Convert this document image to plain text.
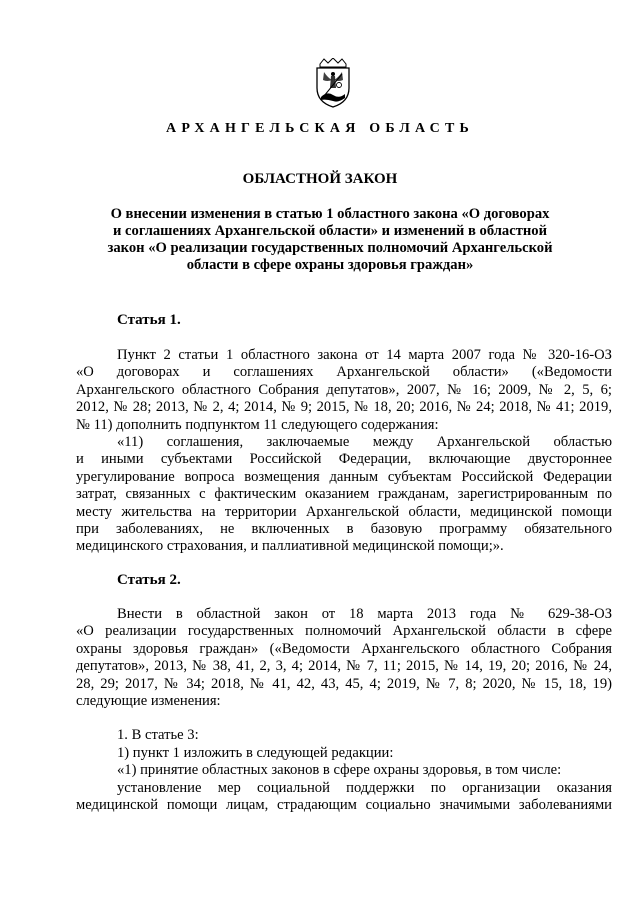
АРХАНГЕЛЬСКАЯ ОБЛАСТЬ
ОБЛАСТНОЙ ЗАКОН
О внесении изменения в статью 1 областного закона «О договорах
и соглашениях Архангельской области» и изменений в областной
закон «О реализации государственных полномочий Архангельской
области в сфере охраны здоровья граждан»
Статья 1.
Пункт 2 статьи 1 областного закона от 14 марта 2007 года № 320-16-ОЗ
«О договорах и соглашениях Архангельской области» («Ведомости
Архангельского областного Собрания депутатов», 2007, № 16; 2009, № 2, 5, 6;
2012, № 28; 2013, № 2, 4; 2014, № 9; 2015, № 18, 20; 2016, № 24; 2018, № 41; 2019,
№ 11) дополнить подпунктом 11 следующего содержания:
«11) соглашения, заключаемые между Архангельской областью
и иными субъектами Российской Федерации, включающие двустороннее
урегулирование вопроса возмещения данным субъектам Российской Федерации
затрат, связанных с фактическим оказанием гражданам, зарегистрированным по
месту жительства на территории Архангельской области, медицинской помощи
при заболеваниях, не включенных в базовую программу обязательного
медицинского страхования, и паллиативной медицинской помощи;».
Статья 2.
Внести в областной закон от 18 марта 2013 года № 629-38-ОЗ
«О реализации государственных полномочий Архангельской области в сфере
охраны здоровья граждан» («Ведомости Архангельского областного Собрания
депутатов», 2013, № 38, 41, 2, 3, 4; 2014, № 7, 11; 2015, № 14, 19, 20; 2016, № 24,
28, 29; 2017, № 34; 2018, № 41, 42, 43, 45, 4; 2019, № 7, 8; 2020, № 15, 18, 19)
следующие изменения:
1. В статье 3:
1) пункт 1 изложить в следующей редакции:
«1) принятие областных законов в сфере охраны здоровья, в том числе:
установление мер социальной поддержки по организации оказания
медицинской помощи лицам, страдающим социально значимыми заболеваниями
